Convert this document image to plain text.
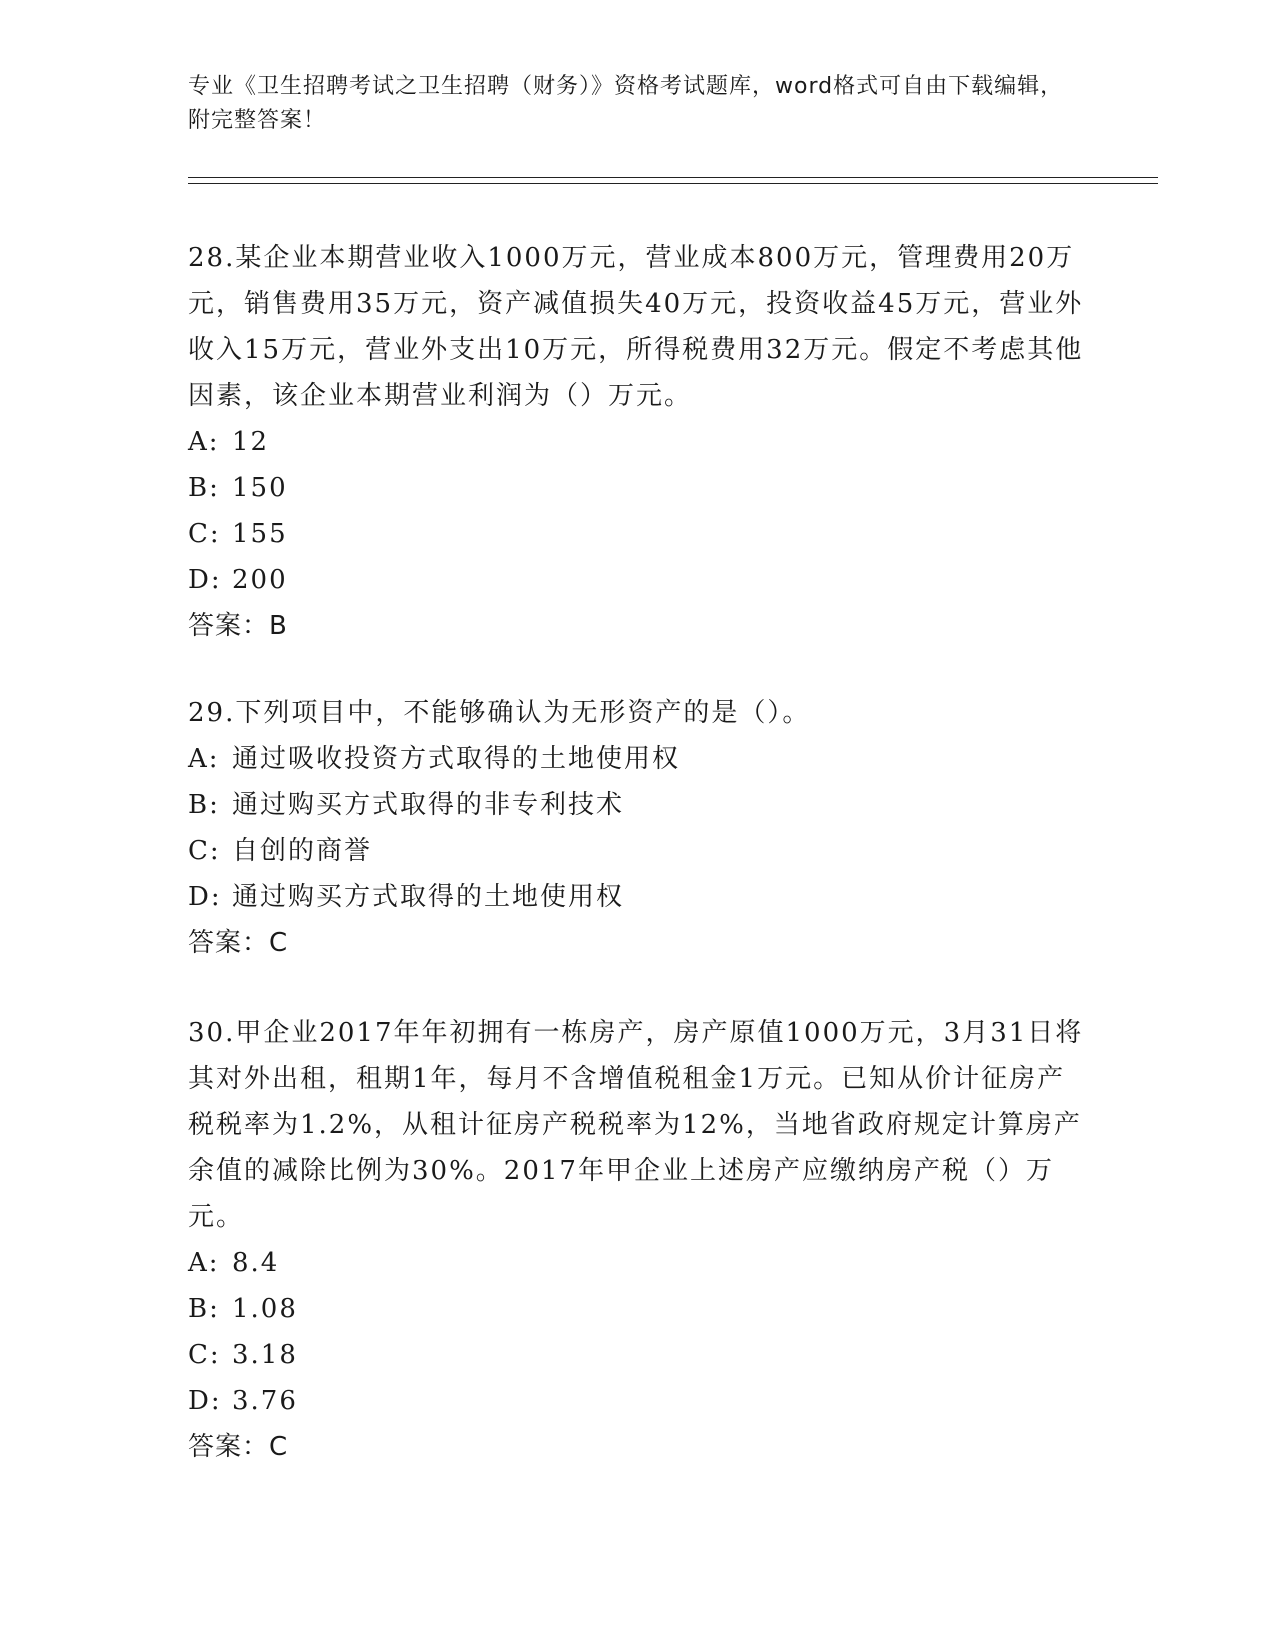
专业《卫生招聘考试之卫生招聘（财务）》资格考试题库，word格式可自由下载编辑，附完整答案！

28.某企业本期营业收入1000万元，营业成本800万元，管理费用20万元，销售费用35万元，资产减值损失40万元，投资收益45万元，营业外收入15万元，营业外支出10万元，所得税费用32万元。假定不考虑其他因素，该企业本期营业利润为（）万元。

A: 12

B: 150

C: 155

D: 200

答案：B

29.下列项目中，不能够确认为无形资产的是（）。

A: 通过吸收投资方式取得的土地使用权

B: 通过购买方式取得的非专利技术

C: 自创的商誉

D: 通过购买方式取得的土地使用权

答案：C

30.甲企业2017年年初拥有一栋房产，房产原值1000万元，3月31日将其对外出租，租期1年，每月不含增值税租金1万元。已知从价计征房产税税率为1.2%，从租计征房产税税率为12%，当地省政府规定计算房产余值的减除比例为30%。2017年甲企业上述房产应缴纳房产税（）万元。

A: 8.4

B: 1.08

C: 3.18

D: 3.76

答案：C
